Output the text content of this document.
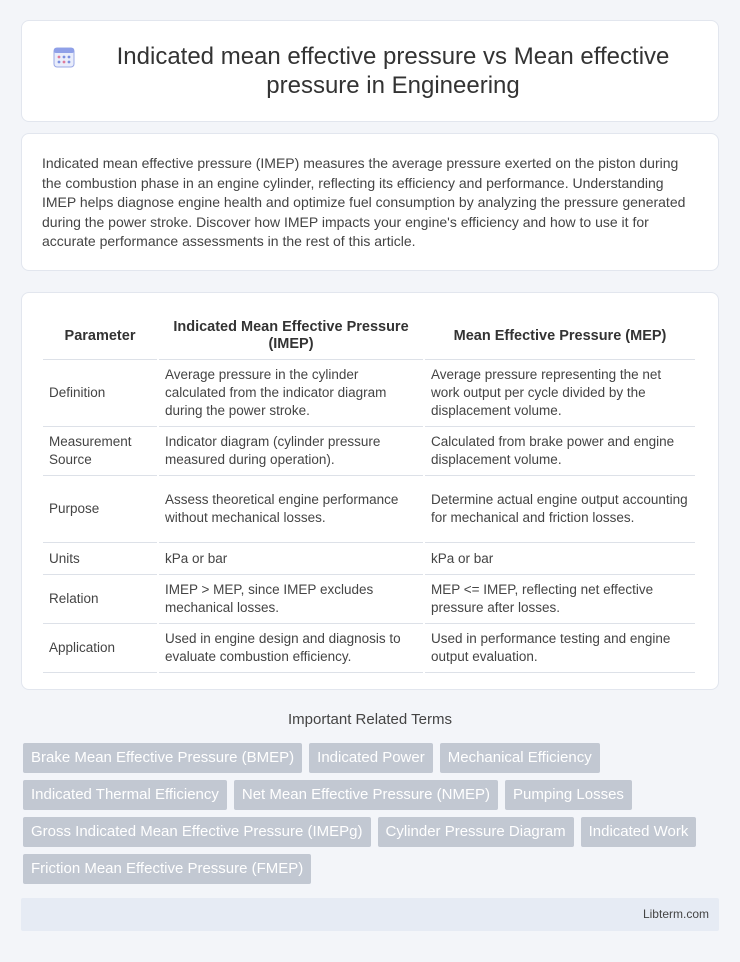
Indicated mean effective pressure vs Mean effective pressure in Engineering

Indicated mean effective pressure (IMEP) measures the average pressure exerted on the piston during the combustion phase in an engine cylinder, reflecting its efficiency and performance. Understanding IMEP helps diagnose engine health and optimize fuel consumption by analyzing the pressure generated during the power stroke. Discover how IMEP impacts your engine's efficiency and how to use it for accurate performance assessments in the rest of this article.

Parameter	Indicated Mean Effective Pressure (IMEP)	Mean Effective Pressure (MEP)
Definition	Average pressure in the cylinder calculated from the indicator diagram during the power stroke.	Average pressure representing the net work output per cycle divided by the displacement volume.
Measurement Source	Indicator diagram (cylinder pressure measured during operation).	Calculated from brake power and engine displacement volume.
Purpose	Assess theoretical engine performance without mechanical losses.	Determine actual engine output accounting for mechanical and friction losses.
Units	kPa or bar	kPa or bar
Relation	IMEP > MEP, since IMEP excludes mechanical losses.	MEP <= IMEP, reflecting net effective pressure after losses.
Application	Used in engine design and diagnosis to evaluate combustion efficiency.	Used in performance testing and engine output evaluation.
Important Related Terms
Brake Mean Effective Pressure (BMEP)	Indicated Power	Mechanical Efficiency
Indicated Thermal Efficiency	Net Mean Effective Pressure (NMEP)	Pumping Losses
Gross Indicated Mean Effective Pressure (IMEPg)	Cylinder Pressure Diagram	Indicated Work
Friction Mean Effective Pressure (FMEP)
Libterm.com
